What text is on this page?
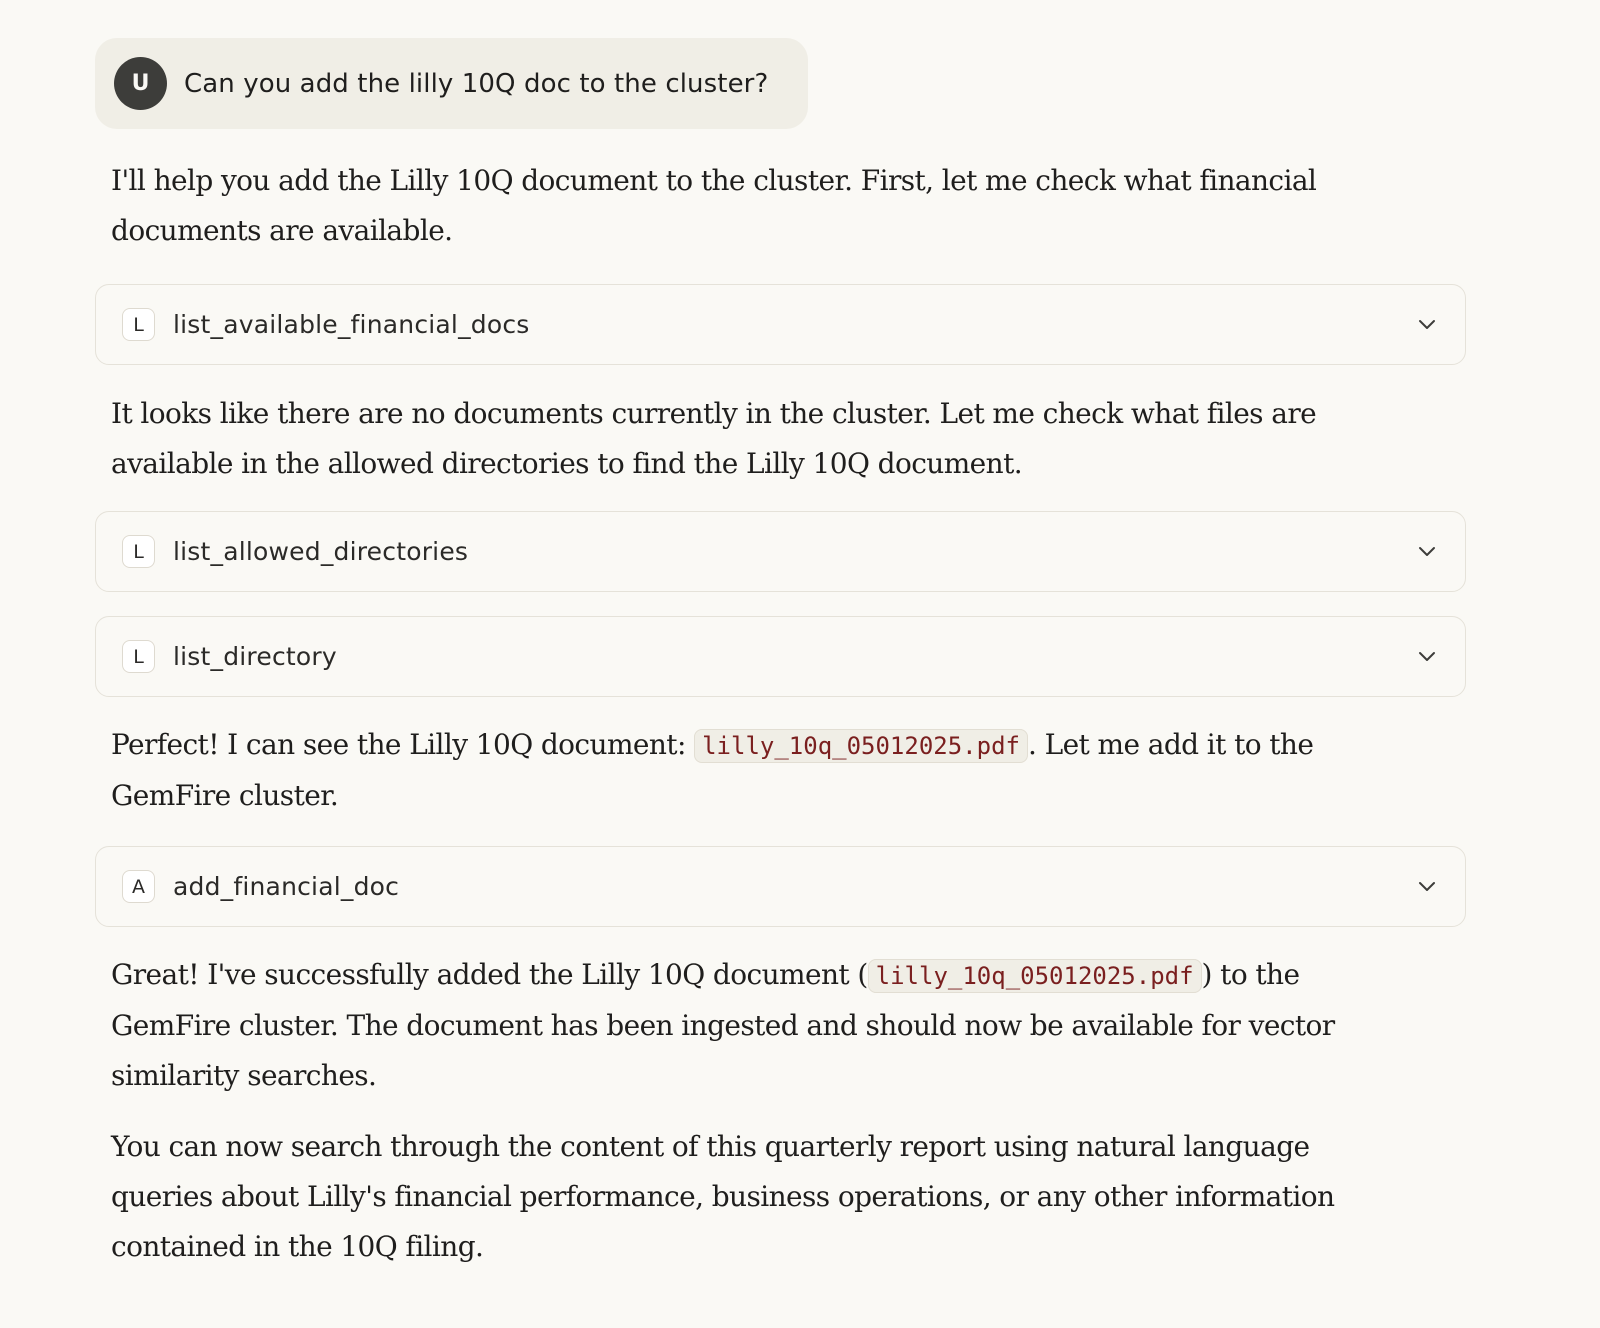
U	Can you add the lilly 10Q doc to the cluster?

I'll help you add the Lilly 10Q document to the cluster. First, let me check what financial documents are available.

L	list_available_financial_docs

It looks like there are no documents currently in the cluster. Let me check what files are available in the allowed directories to find the Lilly 10Q document.

L	list_allowed_directories
L	list_directory

Perfect! I can see the Lilly 10Q document: lilly_10q_05012025.pdf . Let me add it to the GemFire cluster.

A	add_financial_doc

Great! I've successfully added the Lilly 10Q document ( lilly_10q_05012025.pdf ) to the GemFire cluster. The document has been ingested and should now be available for vector similarity searches.

You can now search through the content of this quarterly report using natural language queries about Lilly's financial performance, business operations, or any other information contained in the 10Q filing.
